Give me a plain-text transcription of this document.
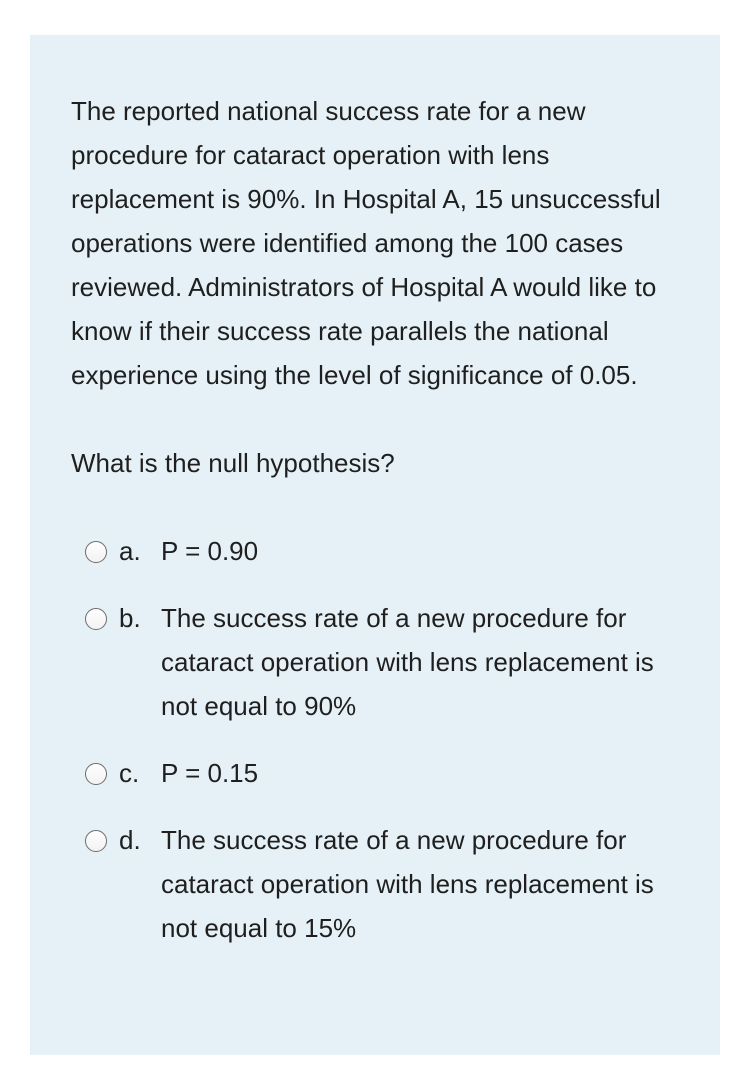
The reported national success rate for a new procedure for cataract operation with lens replacement is 90%. In Hospital A, 15 unsuccessful operations were identified among the 100 cases reviewed. Administrators of Hospital A would like to know if their success rate parallels the national experience using the level of significance of 0.05.

What is the null hypothesis?

a. P = 0.90
b. The success rate of a new procedure for cataract operation with lens replacement is not equal to 90%
c. P = 0.15
d. The success rate of a new procedure for cataract operation with lens replacement is not equal to 15%
